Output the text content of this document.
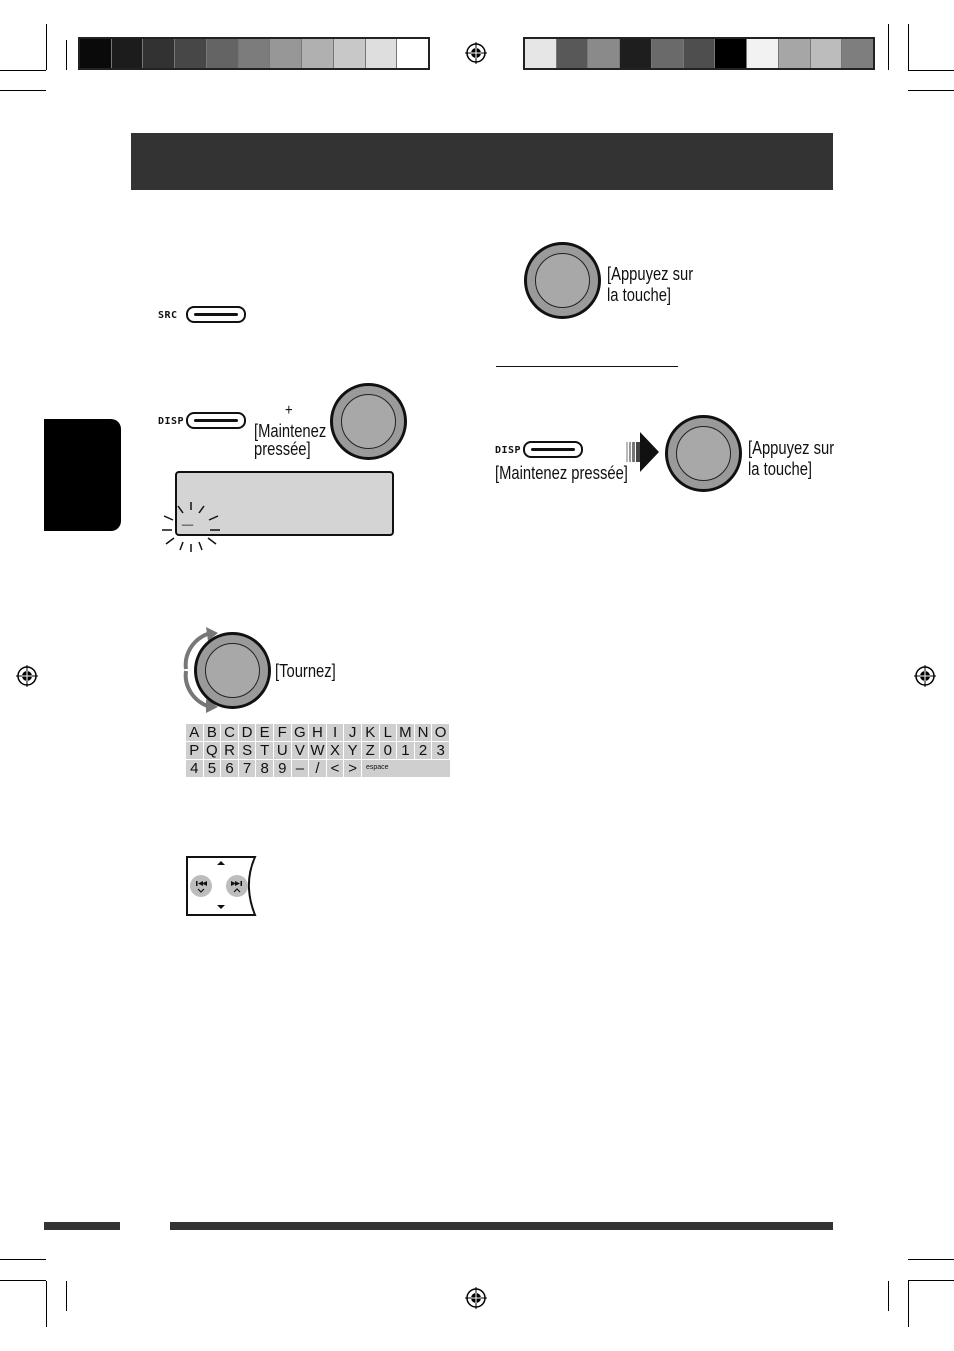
SRC
DISP
+
[Maintenez
pressée]
_
[Tournez]
A B C D E F G H I J K L M N O
P Q R S T U V W X Y Z 0 1 2 3
4 5 6 7 8 9 – / < >	espace
[Appuyez sur
la touche]
DISP
[Maintenez pressée]
[Appuyez sur
la touche]
